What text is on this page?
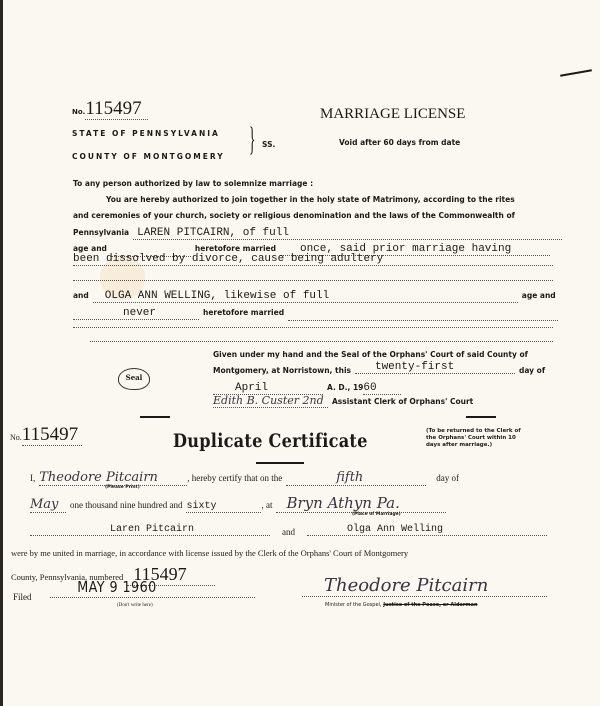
No.115497
STATE OF PENNSYLVANIA
COUNTY OF MONTGOMERY } SS.
MARRIAGE LICENSE
Void after 60 days from date
To any person authorized by law to solemnize marriage :
You are hereby authorized to join together in the holy state of Matrimony, according to the rites
and ceremonies of your church, society or religious denomination and the laws of the Commonwealth of
Pennsylvania LAREN PITCAIRN, of full
age and	heretofore married once, said prior marriage having
been dissolved by divorce, cause being adultery
and OLGA ANN WELLING, likewise of full	age and
never	heretofore married
Given under my hand and the Seal of the Orphans' Court of said County of
Montgomery, at Norristown, this twenty-first	day of
April	A. D., 1960
Edith B. Custer 2nd Assistant Clerk of Orphans' Court
Seal
No.115497	Duplicate Certificate	(To be returned to the Clerk of
the Orphans' Court within 10
days after marriage.)
I, Theodore Pitcairn	, hereby certify that on the	fifth	day of
(Please Print)
May one thousand nine hundred and sixty	, at Bryn Athyn Pa.
(Place of Marriage)
Laren Pitcairn	$_{and}$	Olga Ann Welling
were by me united in marriage, in accordance with license issued by the Clerk of the Orphans' Court of Montgomery
County, Pennsylvania, numbered 115497
Filed
MAY 9 1960
(Don't write here)
Theodore Pitcairn
Minister of the Gospel, Justice of the Peace, or Alderman
